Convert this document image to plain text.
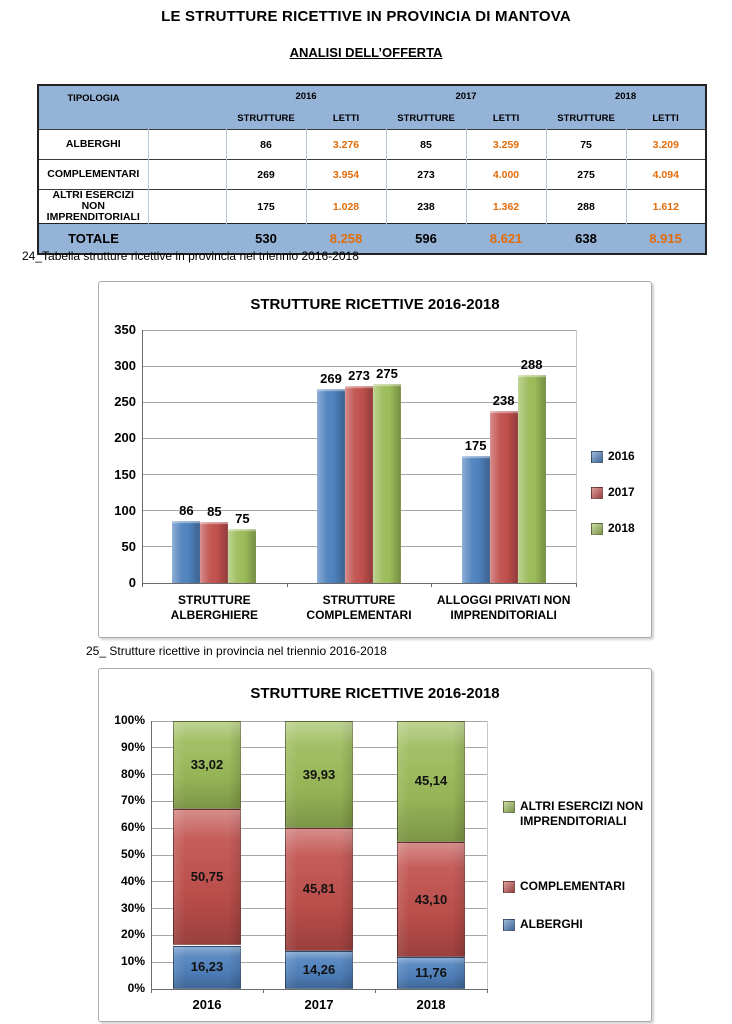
LE STRUTTURE RICETTIVE IN PROVINCIA DI MANTOVA
ANALISI DELL’OFFERTA
TIPOLOGIA		2016		2017		2018	
		STRUTTURE	LETTI	STRUTTURE	LETTI	STRUTTURE	LETTI
ALBERGHI		86	3.276	85	3.259	75	3.209
COMPLEMENTARI		269	3.954	273	4.000	275	4.094
ALTRI ESERCIZI NON IMPRENDITORIALI		175	1.028	238	1.362	288	1.612
TOTALE		530	8.258	596	8.621	638	8.915
24_Tabella strutture ricettive in provincia nel triennio 2016-2018
STRUTTURE RICETTIVE 2016-2018
0
50
100
150
200
250
300
350
86	85	75
STRUTTURE ALBERGHIERE
269 273 275
STRUTTURE COMPLEMENTARI
175
238
288
ALLOGGI PRIVATI NON IMPRENDITORIALI
2016
2017
2018
25_ Strutture ricettive in provincia nel triennio 2016-2018
STRUTTURE RICETTIVE 2016-2018
16,23
50,75
33,02
14,26
45,81
39,93
11,76
43,10
45,14
0%
10%
20%
30%
40%
50%
60%
70%
80%
90%
100%
2016	2017	2018
ALTRI ESERCIZI NON IMPRENDITORIALI
COMPLEMENTARI
ALBERGHI
